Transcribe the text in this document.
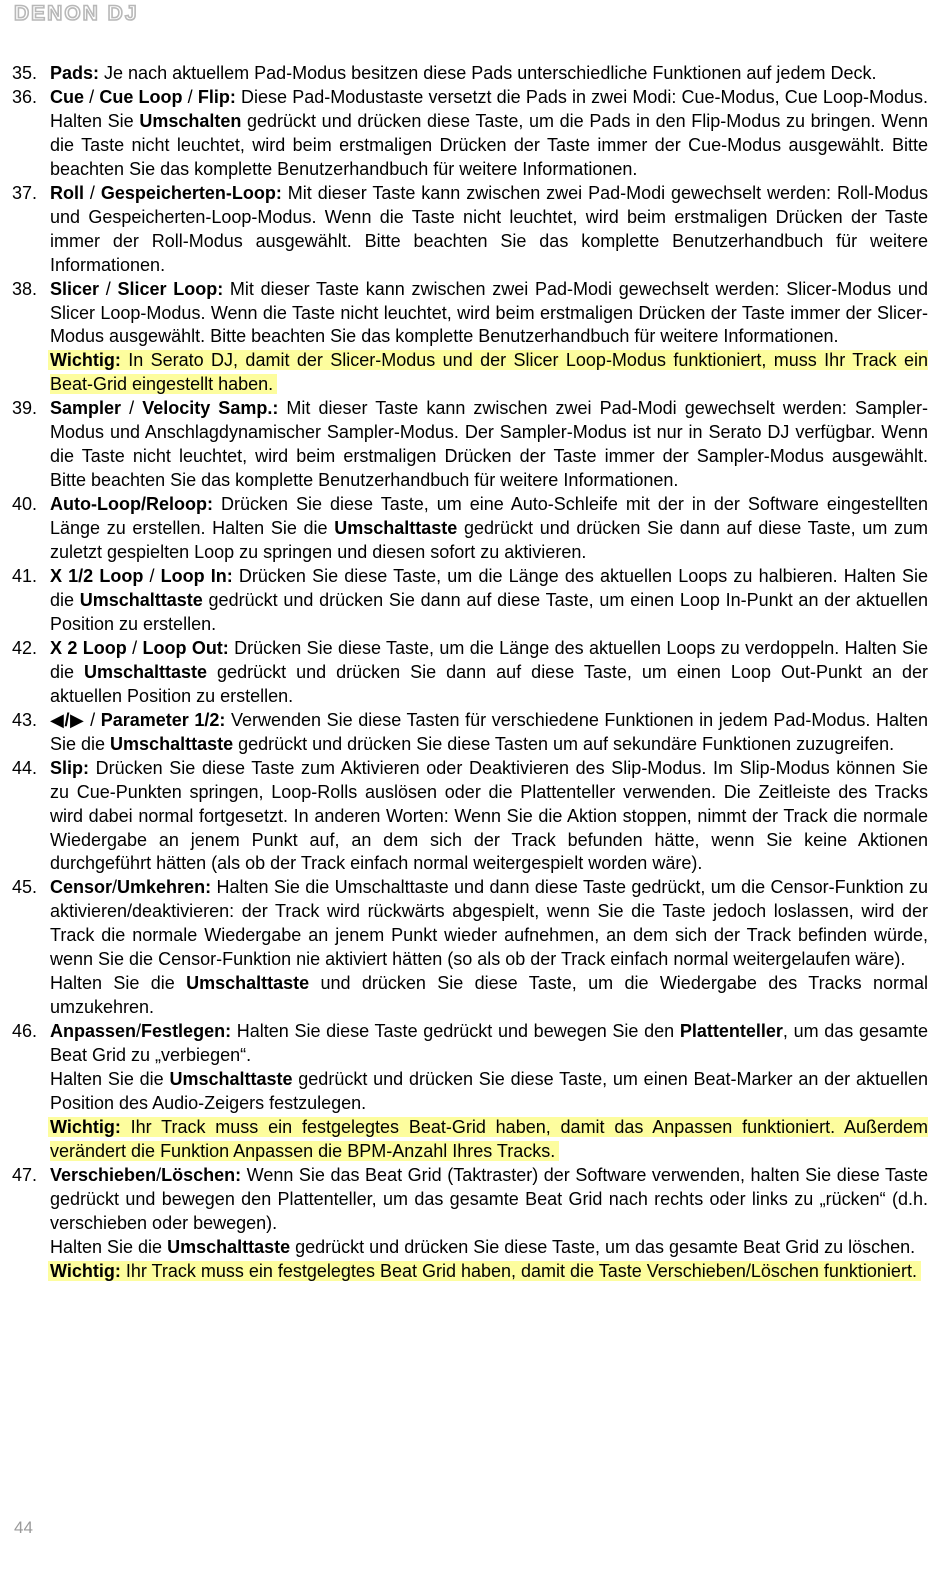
DENON DJ
35. Pads: Je nach aktuellem Pad-Modus besitzen diese Pads unterschiedliche Funktionen auf jedem Deck.

36. Cue / Cue Loop / Flip: Diese Pad-Modustaste versetzt die Pads in zwei Modi: Cue-Modus, Cue Loop-Modus. Halten Sie Umschalten gedrückt und drücken diese Taste, um die Pads in den Flip-Modus zu bringen. Wenn die Taste nicht leuchtet, wird beim erstmaligen Drücken der Taste immer der Cue-Modus ausgewählt. Bitte beachten Sie das komplette Benutzerhandbuch für weitere Informationen.

37. Roll / Gespeicherten-Loop: Mit dieser Taste kann zwischen zwei Pad-Modi gewechselt werden: Roll-Modus und Gespeicherten-Loop-Modus. Wenn die Taste nicht leuchtet, wird beim erstmaligen Drücken der Taste immer der Roll-Modus ausgewählt. Bitte beachten Sie das komplette Benutzerhandbuch für weitere Informationen.

38. Slicer / Slicer Loop: Mit dieser Taste kann zwischen zwei Pad-Modi gewechselt werden: Slicer-Modus und Slicer Loop-Modus. Wenn die Taste nicht leuchtet, wird beim erstmaligen Drücken der Taste immer der Slicer-Modus ausgewählt. Bitte beachten Sie das komplette Benutzerhandbuch für weitere Informationen.

Wichtig: In Serato DJ, damit der Slicer-Modus und der Slicer Loop-Modus funktioniert, muss Ihr Track ein Beat-Grid eingestellt haben.

39. Sampler / Velocity Samp.: Mit dieser Taste kann zwischen zwei Pad-Modi gewechselt werden: Sampler-Modus und Anschlagdynamischer Sampler-Modus. Der Sampler-Modus ist nur in Serato DJ verfügbar. Wenn die Taste nicht leuchtet, wird beim erstmaligen Drücken der Taste immer der Sampler-Modus ausgewählt. Bitte beachten Sie das komplette Benutzerhandbuch für weitere Informationen.

40. Auto-Loop/Reloop: Drücken Sie diese Taste, um eine Auto-Schleife mit der in der Software eingestellten Länge zu erstellen. Halten Sie die Umschalttaste gedrückt und drücken Sie dann auf diese Taste, um zum zuletzt gespielten Loop zu springen und diesen sofort zu aktivieren.

41. X 1/2 Loop / Loop In: Drücken Sie diese Taste, um die Länge des aktuellen Loops zu halbieren. Halten Sie die Umschalttaste gedrückt und drücken Sie dann auf diese Taste, um einen Loop In-Punkt an der aktuellen Position zu erstellen.

42. X 2 Loop / Loop Out: Drücken Sie diese Taste, um die Länge des aktuellen Loops zu verdoppeln. Halten Sie die Umschalttaste gedrückt und drücken Sie dann auf diese Taste, um einen Loop Out-Punkt an der aktuellen Position zu erstellen.

43. ◀/▶ / Parameter 1/2: Verwenden Sie diese Tasten für verschiedene Funktionen in jedem Pad-Modus. Halten Sie die Umschalttaste gedrückt und drücken Sie diese Tasten um auf sekundäre Funktionen zuzugreifen.

44. Slip: Drücken Sie diese Taste zum Aktivieren oder Deaktivieren des Slip-Modus. Im Slip-Modus können Sie zu Cue-Punkten springen, Loop-Rolls auslösen oder die Plattenteller verwenden. Die Zeitleiste des Tracks wird dabei normal fortgesetzt. In anderen Worten: Wenn Sie die Aktion stoppen, nimmt der Track die normale Wiedergabe an jenem Punkt auf, an dem sich der Track befunden hätte, wenn Sie keine Aktionen durchgeführt hätten (als ob der Track einfach normal weitergespielt worden wäre).

45. Censor/Umkehren: Halten Sie die Umschalttaste und dann diese Taste gedrückt, um die Censor-Funktion zu aktivieren/deaktivieren: der Track wird rückwärts abgespielt, wenn Sie die Taste jedoch loslassen, wird der Track die normale Wiedergabe an jenem Punkt wieder aufnehmen, an dem sich der Track befinden würde, wenn Sie die Censor-Funktion nie aktiviert hätten (so als ob der Track einfach normal weitergelaufen wäre).

Halten Sie die Umschalttaste und drücken Sie diese Taste, um die Wiedergabe des Tracks normal umzukehren.

46. Anpassen/Festlegen: Halten Sie diese Taste gedrückt und bewegen Sie den Plattenteller, um das gesamte Beat Grid zu „verbiegen“.

Halten Sie die Umschalttaste gedrückt und drücken Sie diese Taste, um einen Beat-Marker an der aktuellen Position des Audio-Zeigers festzulegen.

Wichtig: Ihr Track muss ein festgelegtes Beat-Grid haben, damit das Anpassen funktioniert. Außerdem verändert die Funktion Anpassen die BPM-Anzahl Ihres Tracks.

47. Verschieben/Löschen: Wenn Sie das Beat Grid (Taktraster) der Software verwenden, halten Sie diese Taste gedrückt und bewegen den Plattenteller, um das gesamte Beat Grid nach rechts oder links zu „rücken“ (d.h. verschieben oder bewegen).

Halten Sie die Umschalttaste gedrückt und drücken Sie diese Taste, um das gesamte Beat Grid zu löschen.

Wichtig: Ihr Track muss ein festgelegtes Beat Grid haben, damit die Taste Verschieben/Löschen funktioniert.

44
